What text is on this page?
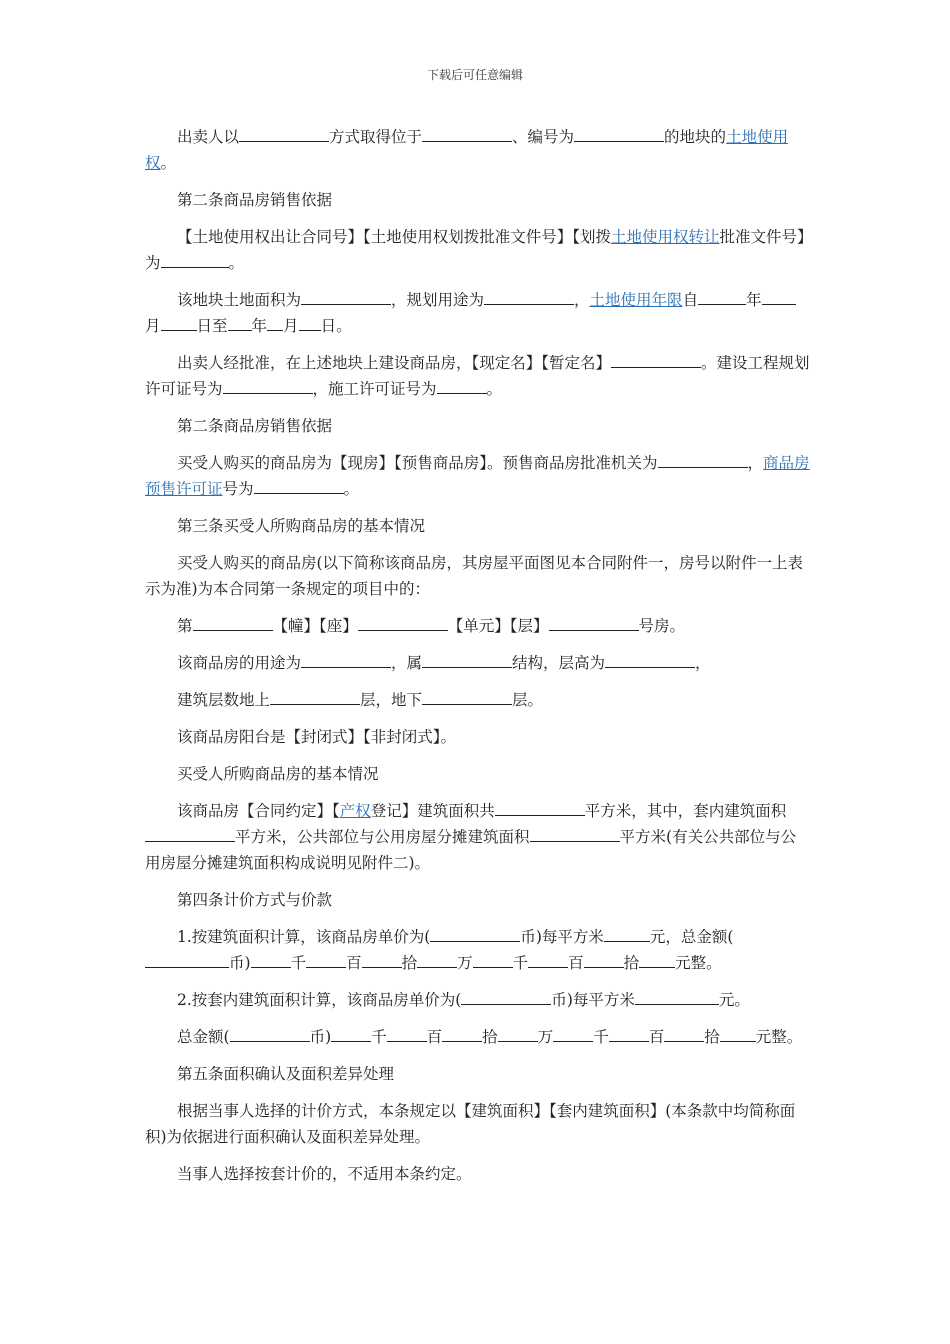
下载后可任意编辑

出卖人以	方式取得位于	、编号为	的地块的土地使用权。

第二条商品房销售依据

【土地使用权出让合同号】【土地使用权划拨批准文件号】【划拨土地使用权转让批准文件号】为	。

该地块土地面积为	，规划用途为	，土地使用年限自	年月 日至 年 月 日。

出卖人经批准，在上述地块上建设商品房，【现定名】【暂定名】	。建设工程规划许可证号为	，施工许可证号为	。

第二条商品房销售依据

买受人购买的商品房为【现房】【预售商品房】。预售商品房批准机关为	，商品房预售许可证号为	。

第三条买受人所购商品房的基本情况

买受人购买的商品房(以下简称该商品房，其房屋平面图见本合同附件一，房号以附件一上表示为准)为本合同第一条规定的项目中的：

第	【幢】【座】	【单元】【层】	号房。

该商品房的用途为	，属	结构，层高为	，

建筑层数地上	层，地下	层。

该商品房阳台是【封闭式】【非封闭式】。

买受人所购商品房的基本情况

该商品房【合同约定】【产权登记】建筑面积共	平方米，其中，套内建筑面积平方米，公共部位与公用房屋分摊建筑面积	平方米(有关公共部位与公用房屋分摊建筑面积构成说明见附件二)。

第四条计价方式与价款

1.按建筑面积计算，该商品房单价为(	币)每平方米	元，总金额(币)	千	百	拾	万	千	百	拾 元整。

2.按套内建筑面积计算，该商品房单价为(	币)每平方米	元。

总金额(	币)	千	百	拾	万	千	百	拾 元整。

第五条面积确认及面积差异处理

根据当事人选择的计价方式，本条规定以【建筑面积】【套内建筑面积】(本条款中均简称面积)为依据进行面积确认及面积差异处理。

当事人选择按套计价的，不适用本条约定。
